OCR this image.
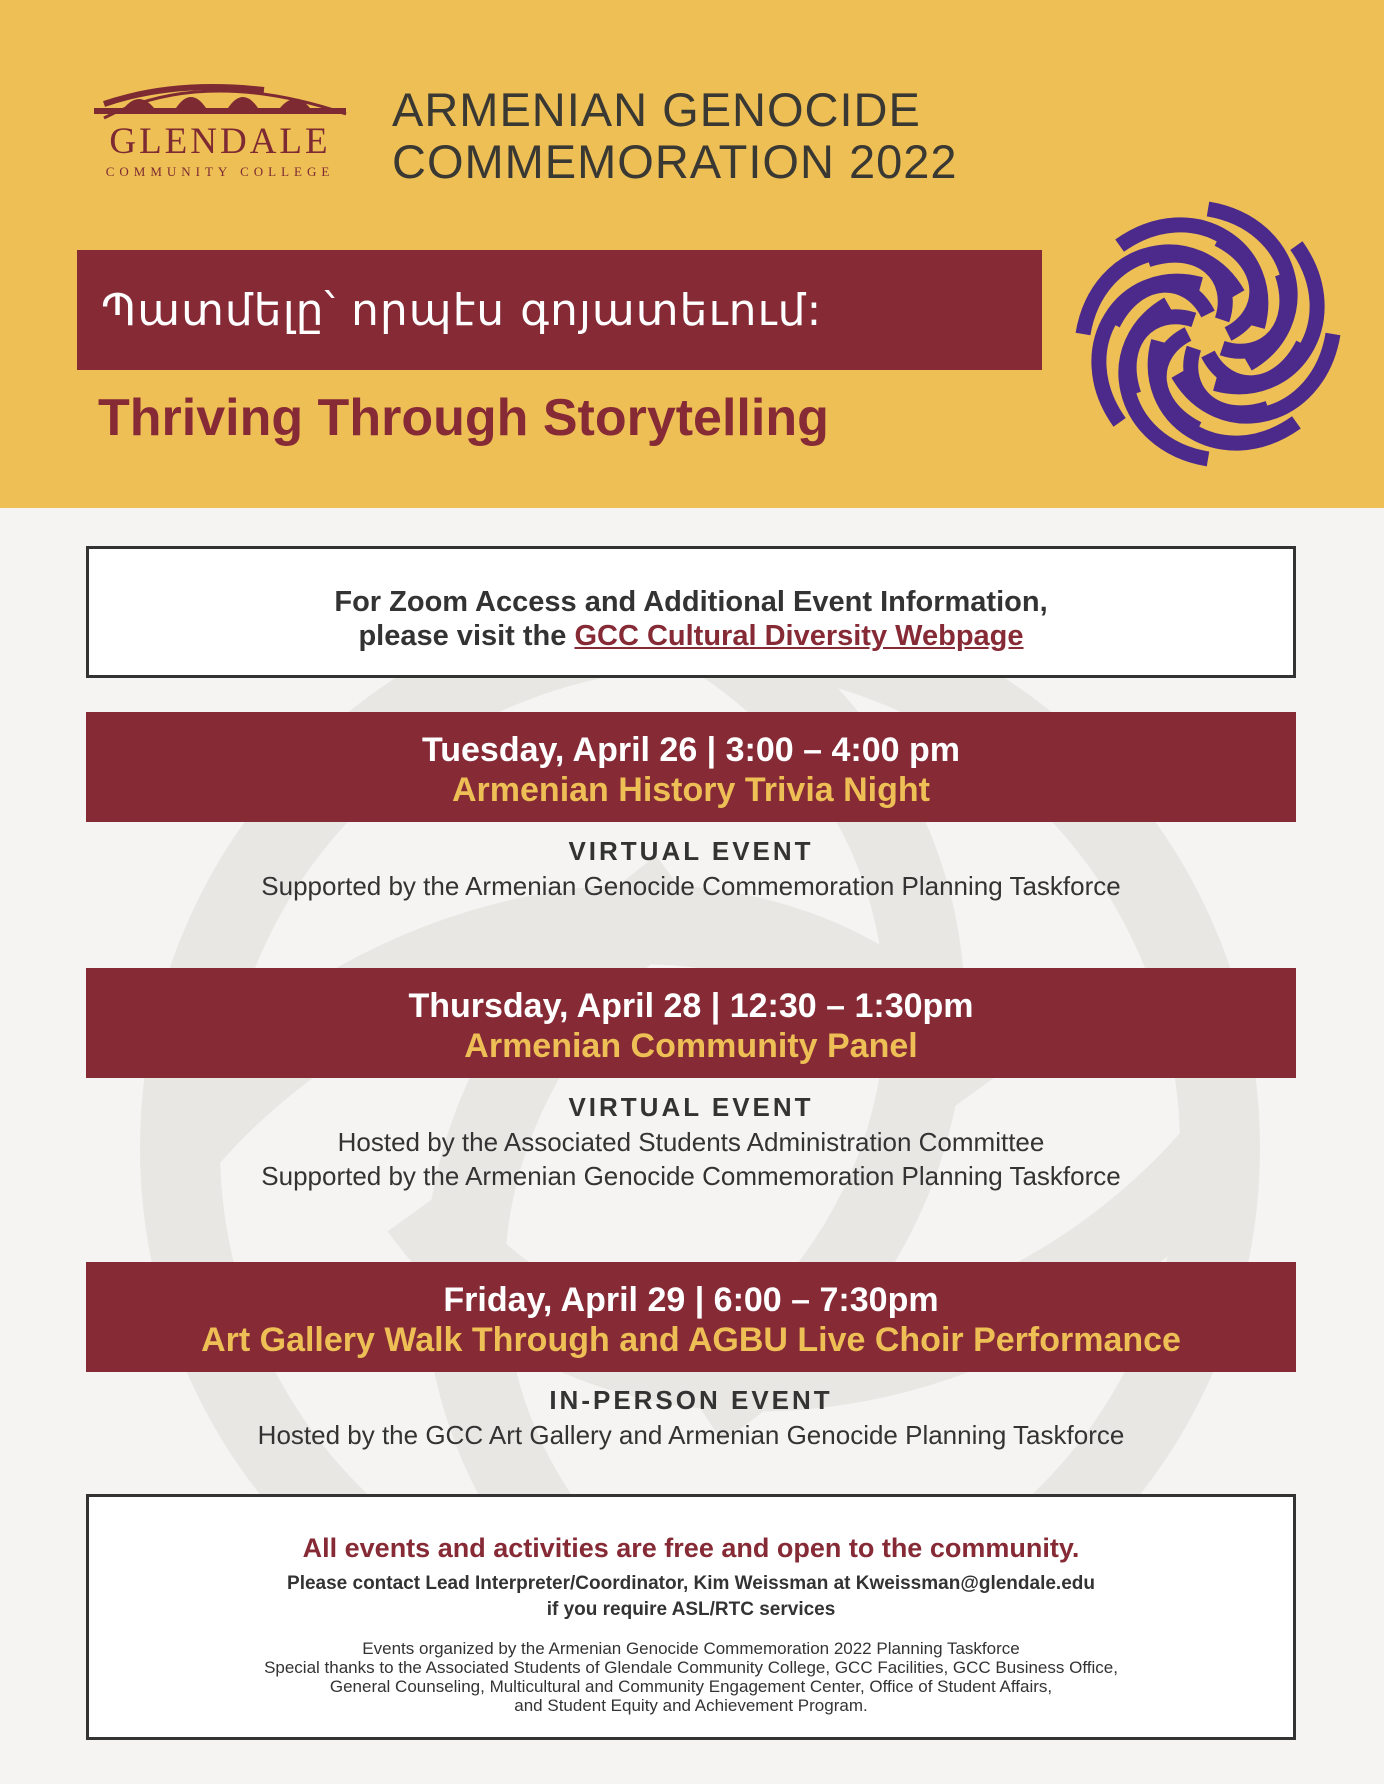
GLENDALE
COMMUNITY COLLEGE
ARMENIAN GENOCIDE
COMMEMORATION 2022
Պատմելը՝ որպէս գոյատեւում:
Thriving Through Storytelling
For Zoom Access and Additional Event Information,
please visit the GCC Cultural Diversity Webpage
Tuesday, April 26 | 3:00 – 4:00 pm
Armenian History Trivia Night
VIRTUAL EVENT
Supported by the Armenian Genocide Commemoration Planning Taskforce
Thursday, April 28 | 12:30 – 1:30pm
Armenian Community Panel
VIRTUAL EVENT
Hosted by the Associated Students Administration Committee
Supported by the Armenian Genocide Commemoration Planning Taskforce
Friday, April 29 | 6:00 – 7:30pm
Art Gallery Walk Through and AGBU Live Choir Performance
IN-PERSON EVENT
Hosted by the GCC Art Gallery and Armenian Genocide Planning Taskforce
All events and activities are free and open to the community.
Please contact Lead Interpreter/Coordinator, Kim Weissman at Kweissman@glendale.edu
if you require ASL/RTC services
Events organized by the Armenian Genocide Commemoration 2022 Planning Taskforce
Special thanks to the Associated Students of Glendale Community College, GCC Facilities, GCC Business Office,
General Counseling, Multicultural and Community Engagement Center, Office of Student Affairs,
and Student Equity and Achievement Program.
